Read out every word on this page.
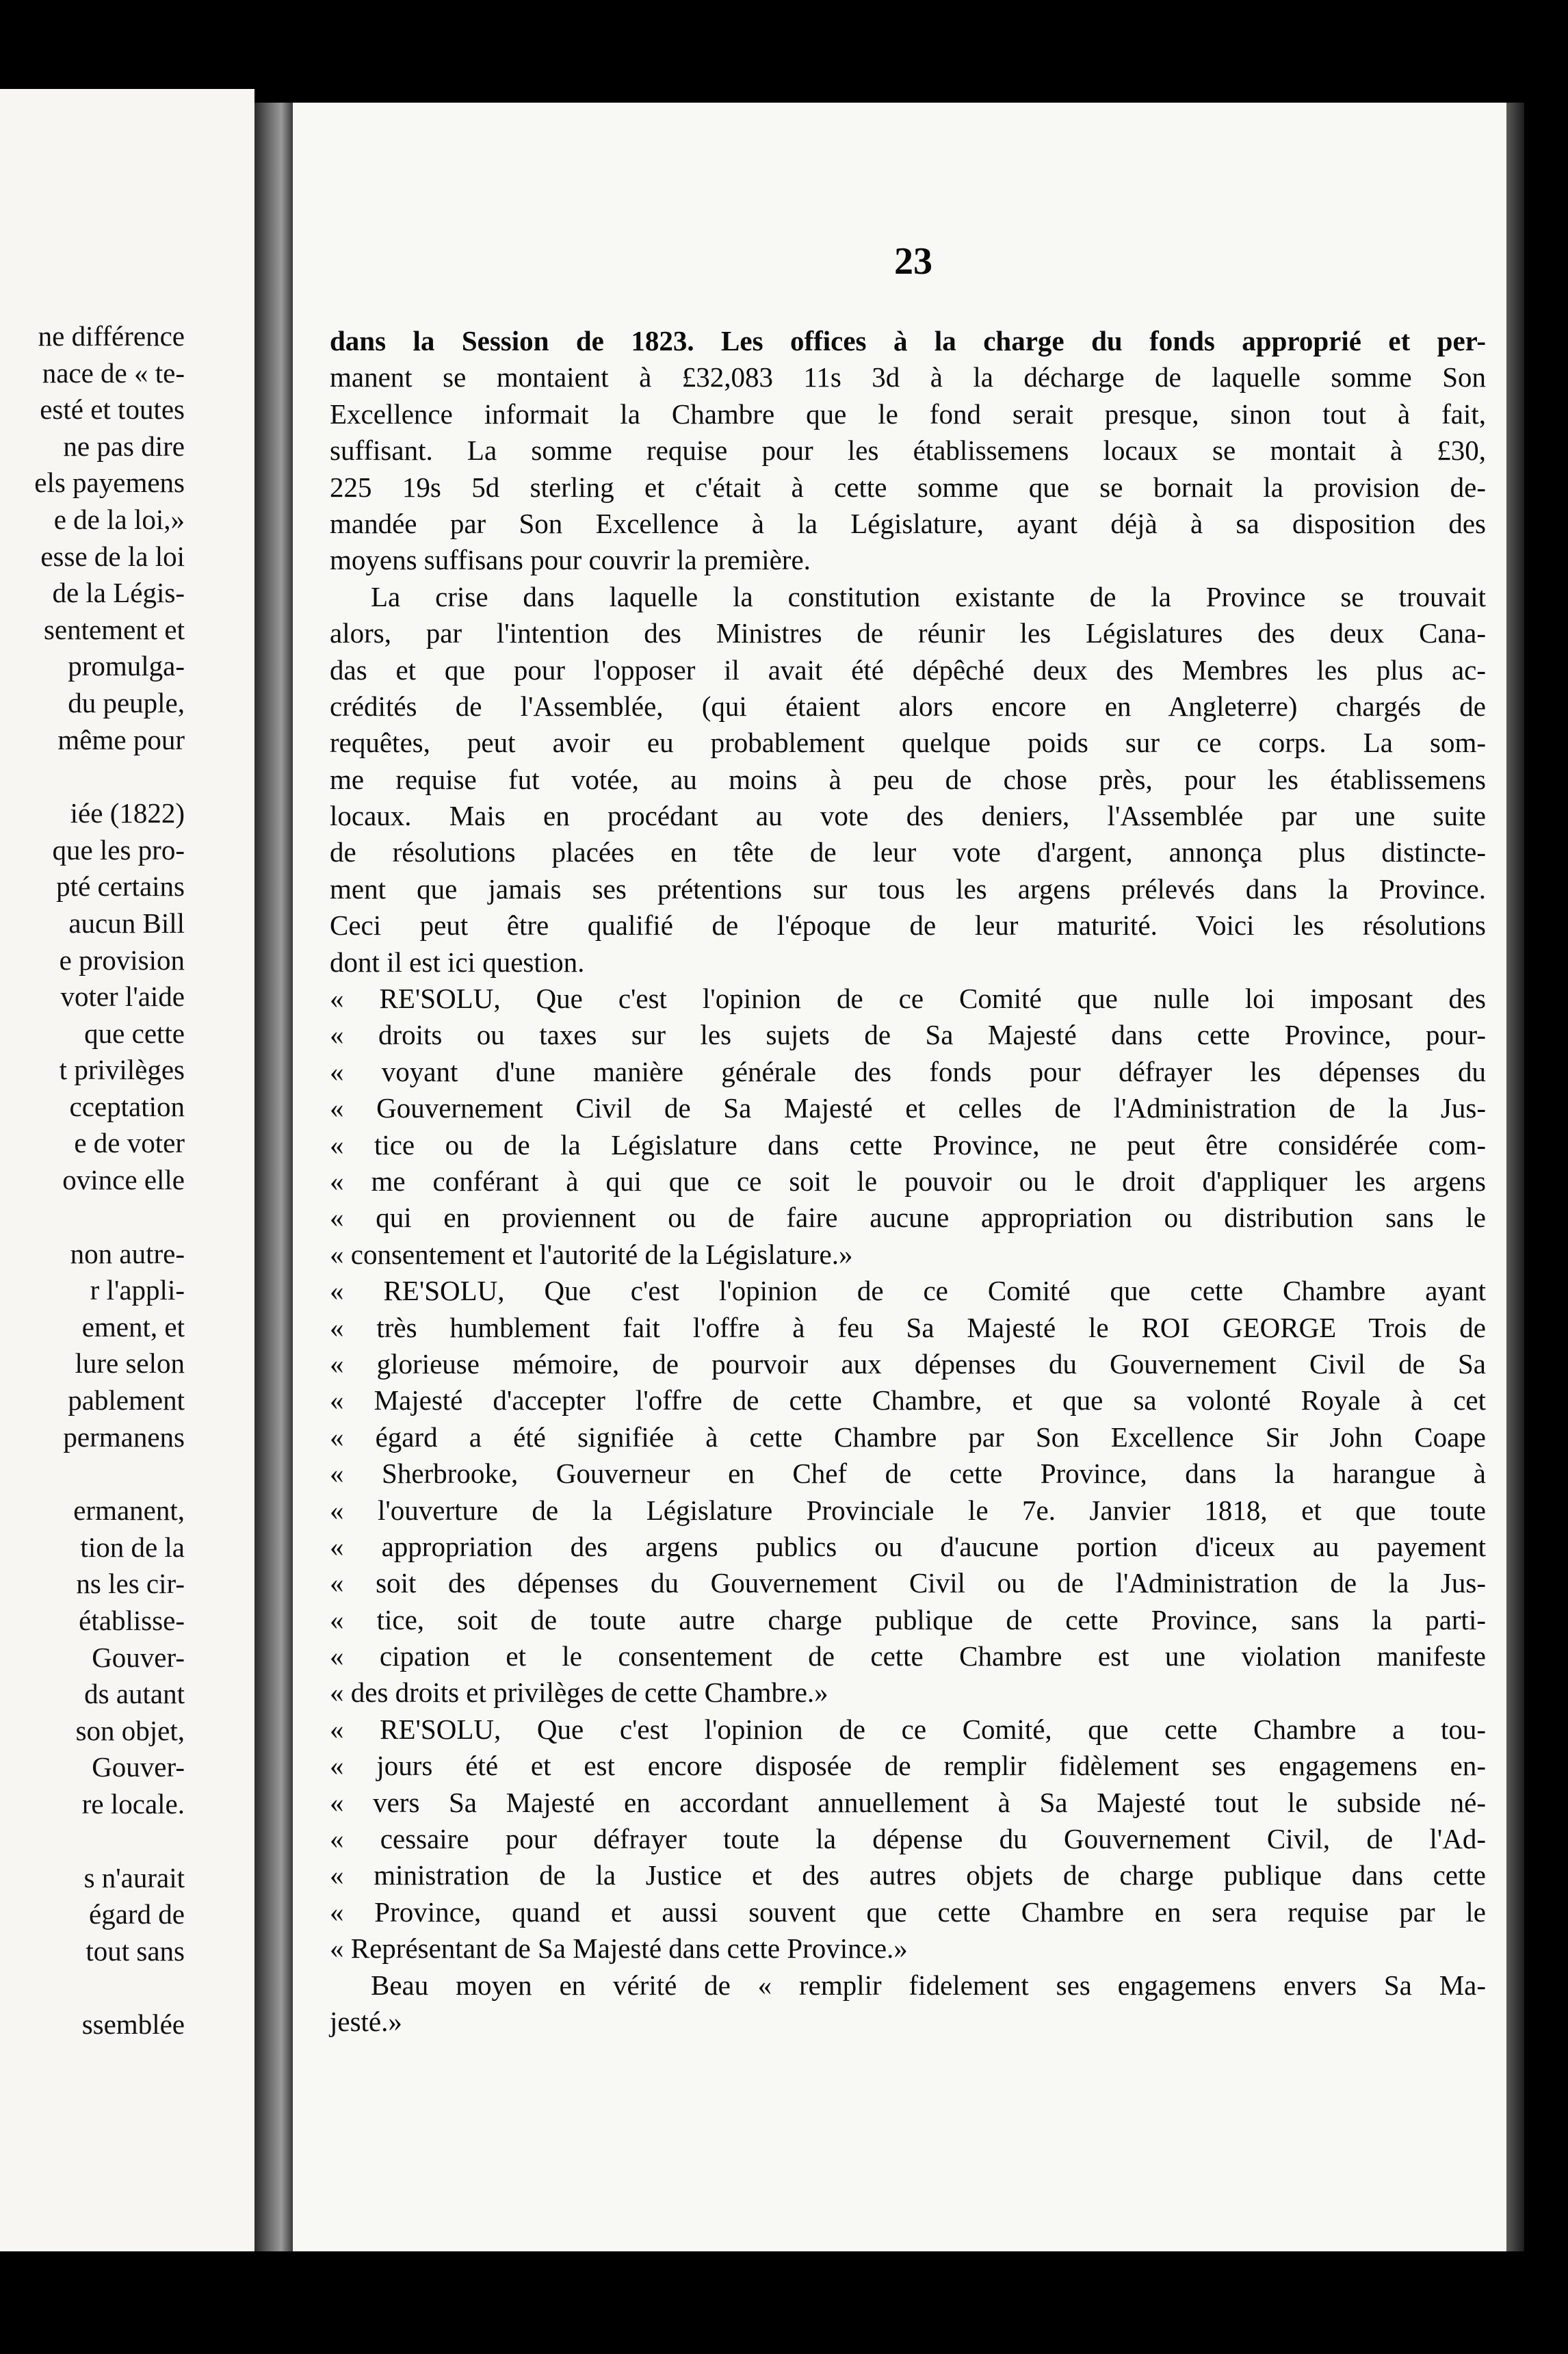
ne différence
nace de « te-
esté et toutes
ne pas dire
els payemens
e de la loi,»
esse de la loi
de la Légis-
sentement et
promulga-
du peuple,
même pour
iée (1822)
que les pro-
pté certains
aucun Bill
e provision
voter l'aide
que cette
t privilèges
cceptation
e de voter
ovince elle
non autre-
r l'appli-
ement, et
lure selon
pablement
permanens
ermanent,
tion de la
ns les cir-
établisse-
Gouver-
ds autant
son objet,
Gouver-
re locale.
s n'aurait
égard de
tout sans
ssemblée
23
dans la Session de 1823. Les offices à la charge du fonds approprié et per-
manent se montaient à £32,083 11s 3d à la décharge de laquelle somme Son
Excellence informait la Chambre que le fond serait presque, sinon tout à fait,
suffisant. La somme requise pour les établissemens locaux se montait à £30,
225 19s 5d sterling et c'était à cette somme que se bornait la provision de-
mandée par Son Excellence à la Législature, ayant déjà à sa disposition des
moyens suffisans pour couvrir la première.
La crise dans laquelle la constitution existante de la Province se trouvait
alors, par l'intention des Ministres de réunir les Législatures des deux Cana-
das et que pour l'opposer il avait été dépêché deux des Membres les plus ac-
crédités de l'Assemblée, (qui étaient alors encore en Angleterre) chargés de
requêtes, peut avoir eu probablement quelque poids sur ce corps. La som-
me requise fut votée, au moins à peu de chose près, pour les établissemens
locaux. Mais en procédant au vote des deniers, l'Assemblée par une suite
de résolutions placées en tête de leur vote d'argent, annonça plus distincte-
ment que jamais ses prétentions sur tous les argens prélevés dans la Province.
Ceci peut être qualifié de l'époque de leur maturité. Voici les résolutions
dont il est ici question.
« RE'SOLU, Que c'est l'opinion de ce Comité que nulle loi imposant des
« droits ou taxes sur les sujets de Sa Majesté dans cette Province, pour-
« voyant d'une manière générale des fonds pour défrayer les dépenses du
« Gouvernement Civil de Sa Majesté et celles de l'Administration de la Jus-
« tice ou de la Législature dans cette Province, ne peut être considérée com-
« me conférant à qui que ce soit le pouvoir ou le droit d'appliquer les argens
« qui en proviennent ou de faire aucune appropriation ou distribution sans le
« consentement et l'autorité de la Législature.»
« RE'SOLU, Que c'est l'opinion de ce Comité que cette Chambre ayant
« très humblement fait l'offre à feu Sa Majesté le ROI GEORGE Trois de
« glorieuse mémoire, de pourvoir aux dépenses du Gouvernement Civil de Sa
« Majesté d'accepter l'offre de cette Chambre, et que sa volonté Royale à cet
« égard a été signifiée à cette Chambre par Son Excellence Sir John Coape
« Sherbrooke, Gouverneur en Chef de cette Province, dans la harangue à
« l'ouverture de la Législature Provinciale le 7e. Janvier 1818, et que toute
« appropriation des argens publics ou d'aucune portion d'iceux au payement
« soit des dépenses du Gouvernement Civil ou de l'Administration de la Jus-
« tice, soit de toute autre charge publique de cette Province, sans la parti-
« cipation et le consentement de cette Chambre est une violation manifeste
« des droits et privilèges de cette Chambre.»
« RE'SOLU, Que c'est l'opinion de ce Comité, que cette Chambre a tou-
« jours été et est encore disposée de remplir fidèlement ses engagemens en-
« vers Sa Majesté en accordant annuellement à Sa Majesté tout le subside né-
« cessaire pour défrayer toute la dépense du Gouvernement Civil, de l'Ad-
« ministration de la Justice et des autres objets de charge publique dans cette
« Province, quand et aussi souvent que cette Chambre en sera requise par le
« Représentant de Sa Majesté dans cette Province.»
Beau moyen en vérité de « remplir fidelement ses engagemens envers Sa Ma-
jesté.»
